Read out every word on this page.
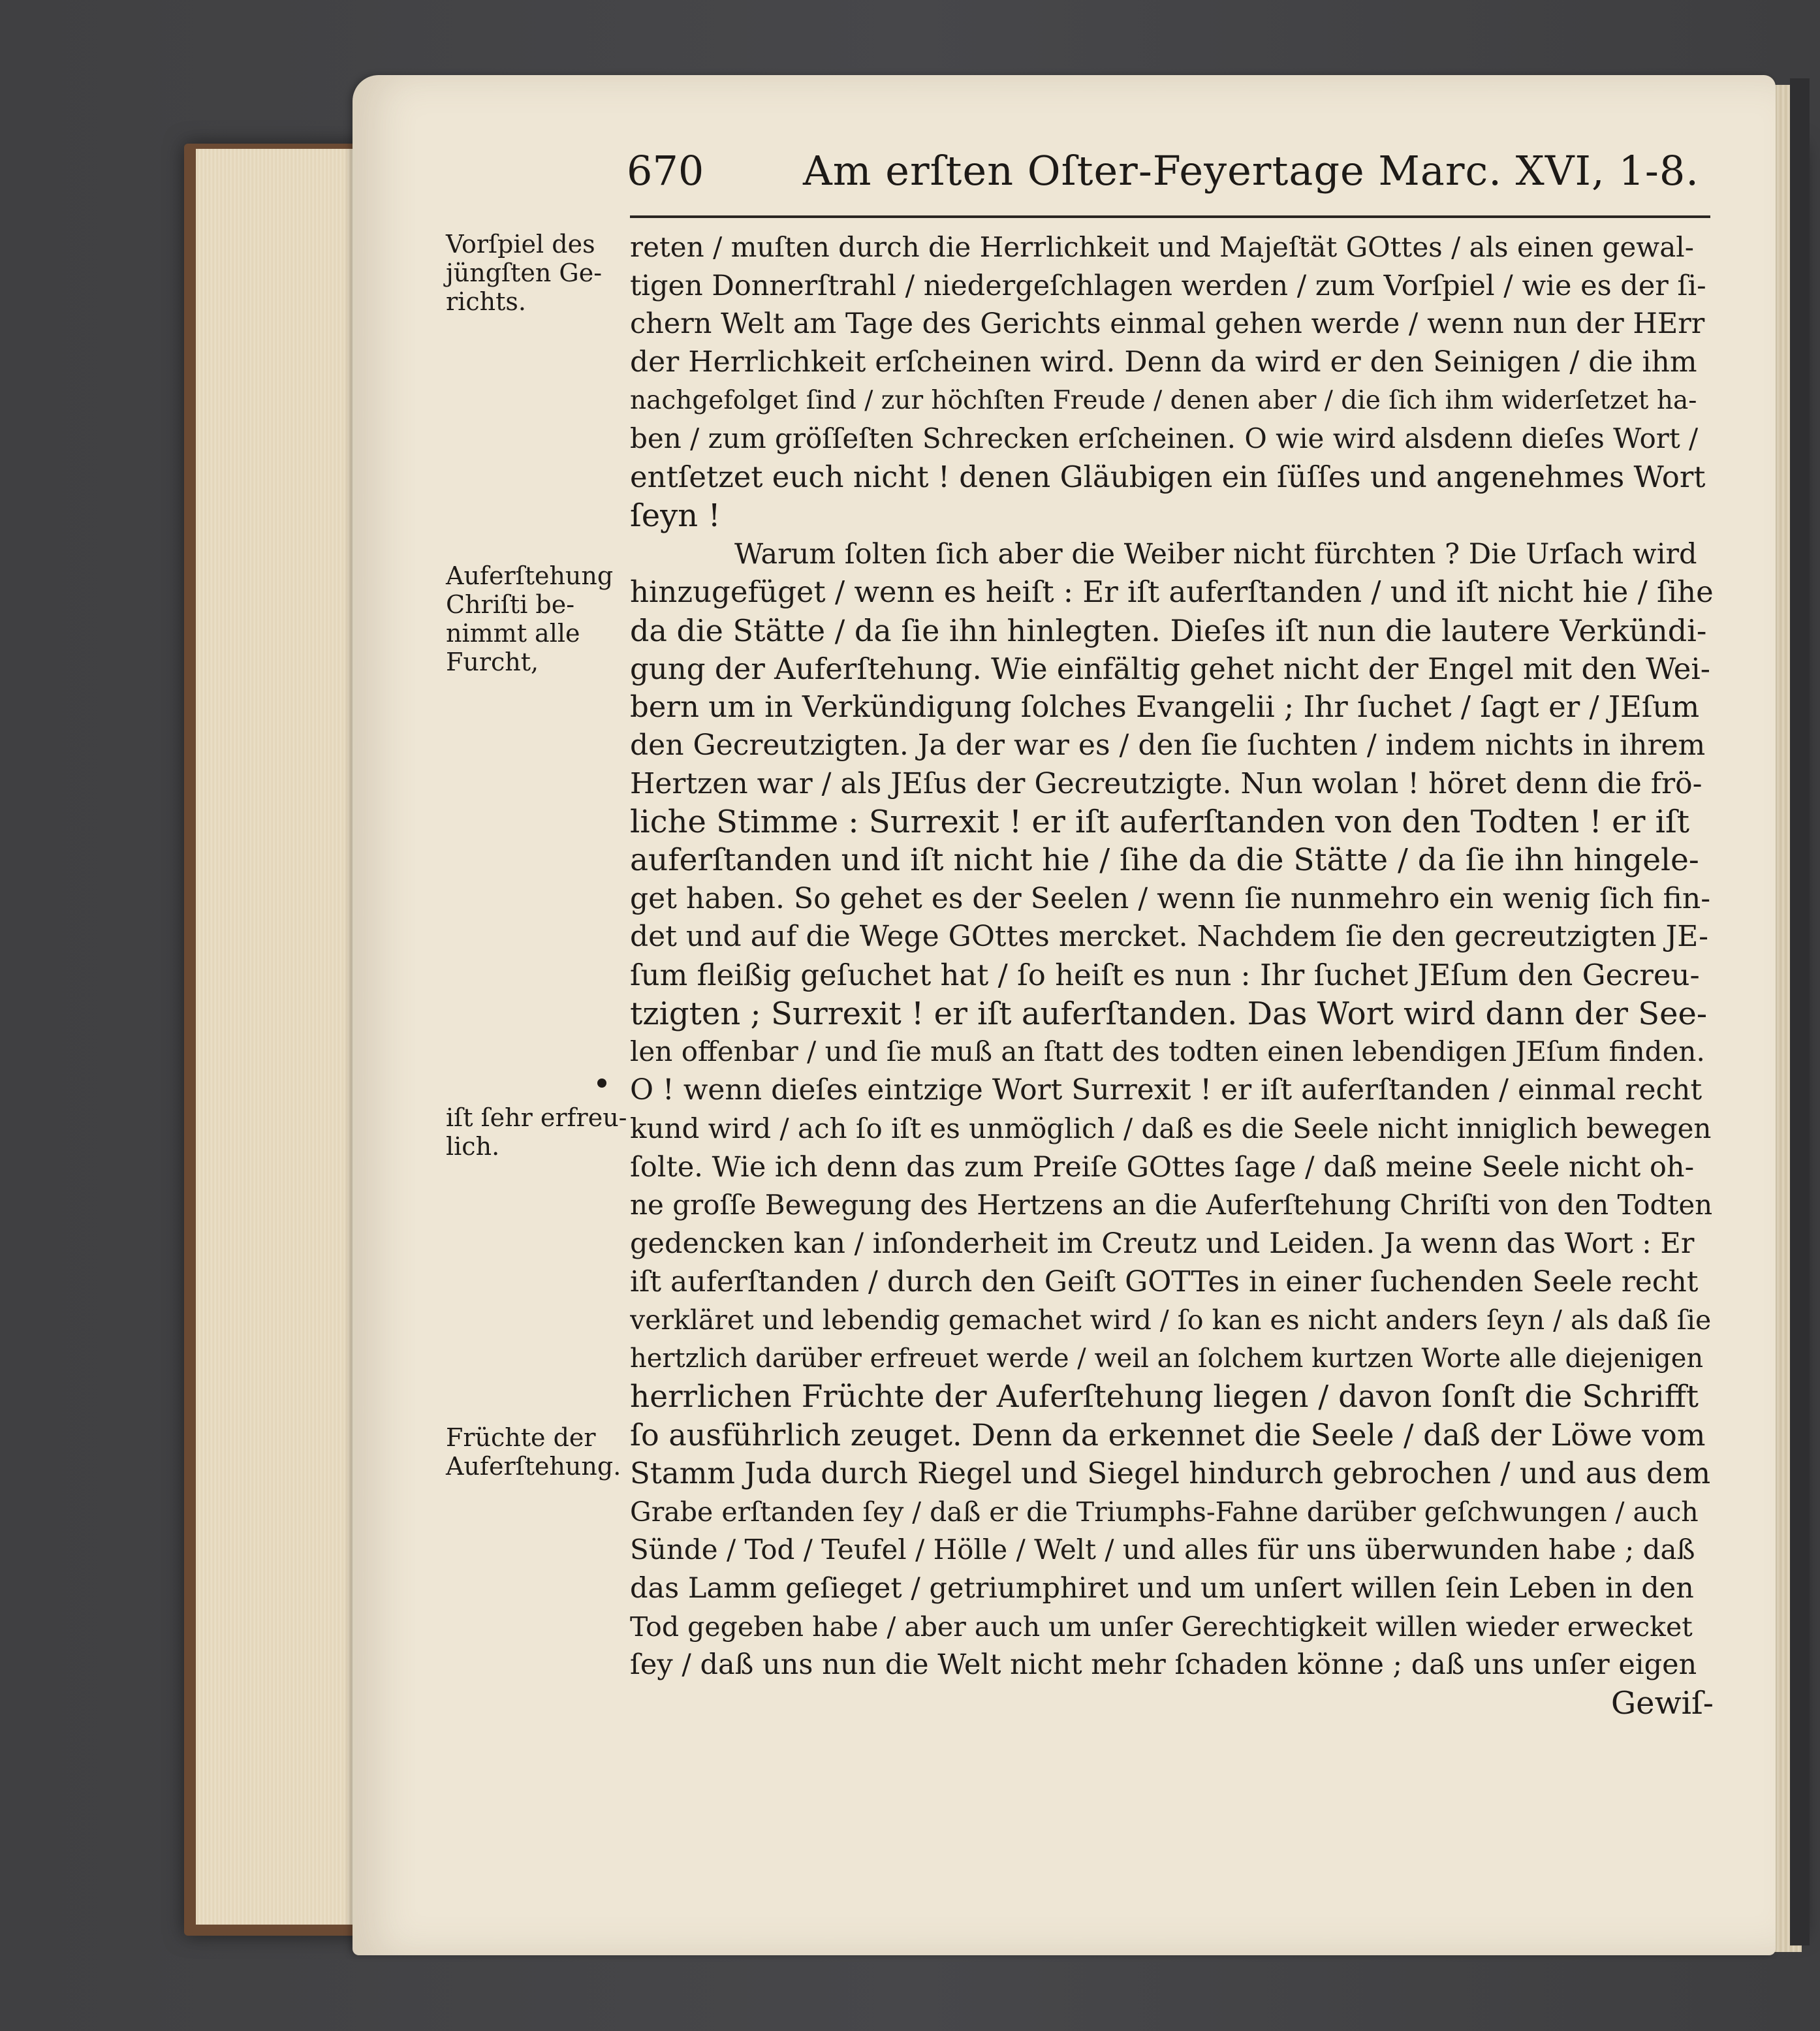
670 Am erſten Oſter-Feyertage Marc. XVI, 1-8.
Vorſpiel des
jüngſten Ge-
richts.
Auferſtehung
Chriſti be-
nimmt alle
Furcht,
iſt ſehr erfreu-
lich.
Früchte der
Auferſtehung.
reten / muſten durch die Herrlichkeit und Majeſtät GOttes / als einen gewal-
tigen Donnerſtrahl / niedergeſchlagen werden / zum Vorſpiel / wie es der ſi-
chern Welt am Tage des Gerichts einmal gehen werde / wenn nun der HErr
der Herrlichkeit erſcheinen wird. Denn da wird er den Seinigen / die ihm
nachgefolget ſind / zur höchſten Freude / denen aber / die ſich ihm widerſetzet ha-
ben / zum gröſſeſten Schrecken erſcheinen. O wie wird alsdenn dieſes Wort /
entſetzet euch nicht ! denen Gläubigen ein ſüſſes und angenehmes Wort
ſeyn !
Warum ſolten ſich aber die Weiber nicht fürchten ? Die Urſach wird
hinzugefüget / wenn es heiſt : Er iſt auferſtanden / und iſt nicht hie / ſihe
da die Stätte / da ſie ihn hinlegten. Dieſes iſt nun die lautere Verkündi-
gung der Auferſtehung. Wie einfältig gehet nicht der Engel mit den Wei-
bern um in Verkündigung ſolches Evangelii ; Ihr ſuchet / ſagt er / JEſum
den Gecreutzigten. Ja der war es / den ſie ſuchten / indem nichts in ihrem
Hertzen war / als JEſus der Gecreutzigte. Nun wolan ! höret denn die frö-
liche Stimme : Surrexit ! er iſt auferſtanden von den Todten ! er iſt
auferſtanden und iſt nicht hie / ſihe da die Stätte / da ſie ihn hingele-
get haben. So gehet es der Seelen / wenn ſie nunmehro ein wenig ſich fin-
det und auf die Wege GOttes mercket. Nachdem ſie den gecreutzigten JE-
ſum fleißig geſuchet hat / ſo heiſt es nun : Ihr ſuchet JEſum den Gecreu-
tzigten ; Surrexit ! er iſt auferſtanden. Das Wort wird dann der See-
len offenbar / und ſie muß an ſtatt des todten einen lebendigen JEſum finden.
O ! wenn dieſes eintzige Wort Surrexit ! er iſt auferſtanden / einmal recht
kund wird / ach ſo iſt es unmöglich / daß es die Seele nicht inniglich bewegen
ſolte. Wie ich denn das zum Preiſe GOttes ſage / daß meine Seele nicht oh-
ne groſſe Bewegung des Hertzens an die Auferſtehung Chriſti von den Todten
gedencken kan / inſonderheit im Creutz und Leiden. Ja wenn das Wort : Er
iſt auferſtanden / durch den Geiſt GOTTes in einer ſuchenden Seele recht
verkläret und lebendig gemachet wird / ſo kan es nicht anders ſeyn / als daß ſie
hertzlich darüber erfreuet werde / weil an ſolchem kurtzen Worte alle diejenigen
herrlichen Früchte der Auferſtehung liegen / davon ſonſt die Schrifft
ſo ausführlich zeuget. Denn da erkennet die Seele / daß der Löwe vom
Stamm Juda durch Riegel und Siegel hindurch gebrochen / und aus dem
Grabe erſtanden ſey / daß er die Triumphs-Fahne darüber geſchwungen / auch
Sünde / Tod / Teufel / Hölle / Welt / und alles für uns überwunden habe ; daß
das Lamm geſieget / getriumphiret und um unſert willen ſein Leben in den
Tod gegeben habe / aber auch um unſer Gerechtigkeit willen wieder erwecket
ſey / daß uns nun die Welt nicht mehr ſchaden könne ; daß uns unſer eigen
Gewiſ-
